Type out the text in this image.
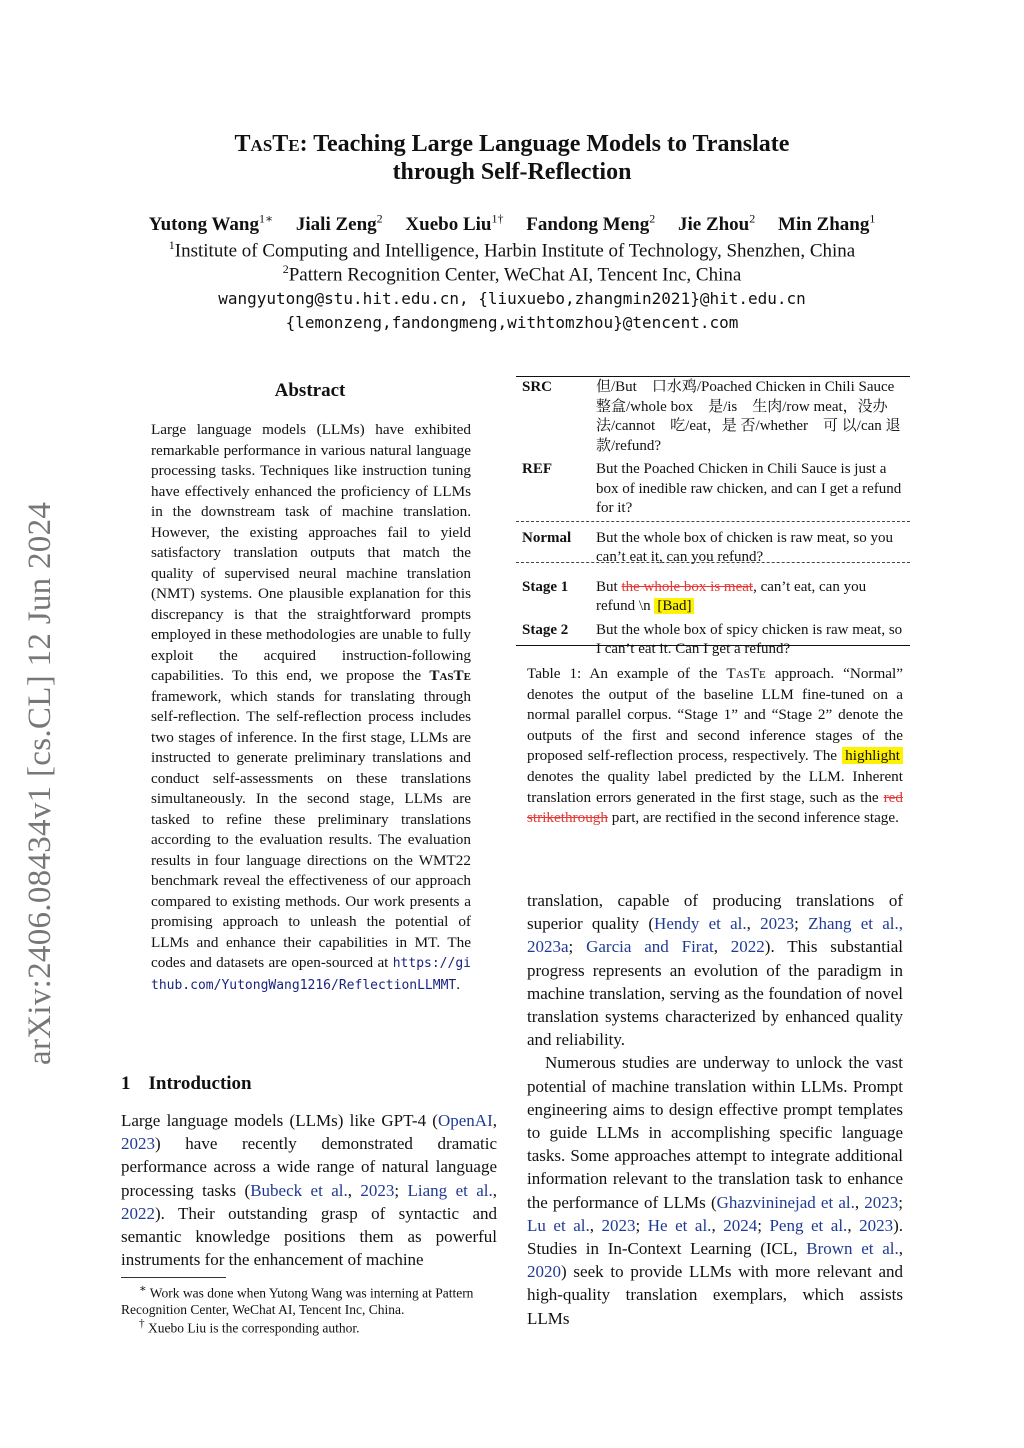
arXiv:2406.08434v1 [cs.CL] 12 Jun 2024
TasTe: Teaching Large Language Models to Translate
through Self-Reflection
Yutong Wang$^{1∗}$ Jiali Zeng$^2$ Xuebo Liu$^{1\dagger}$ Fandong Meng$^2$ Jie Zhou$^2$ Min Zhang$^1$
$^1$Institute of Computing and Intelligence, Harbin Institute of Technology, Shenzhen, China
$^2$Pattern Recognition Center, WeChat AI, Tencent Inc, China
wangyutong@stu.hit.edu.cn, {liuxuebo,zhangmin2021}@hit.edu.cn
{lemonzeng,fandongmeng,withtomzhou}@tencent.com
Abstract
Large language models (LLMs) have exhibited remarkable performance in various natural language processing tasks. Techniques like instruction tuning have effectively enhanced the proficiency of LLMs in the downstream task of machine translation. However, the existing approaches fail to yield satisfactory translation outputs that match the quality of supervised neural machine translation (NMT) systems. One plausible explanation for this discrepancy is that the straightforward prompts employed in these methodologies are unable to fully exploit the acquired instruction-following capabilities. To this end, we propose the TasTe framework, which stands for translating through self-reflection. The self-reflection process includes two stages of inference. In the first stage, LLMs are instructed to generate preliminary translations and conduct self-assessments on these translations simultaneously. In the second stage, LLMs are tasked to refine these preliminary translations according to the evaluation results. The evaluation results in four language directions on the WMT22 benchmark reveal the effectiveness of our approach compared to existing methods. Our work presents a promising approach to unleash the potential of LLMs and enhance their capabilities in MT. The codes and datasets are open-sourced at https://github.com/YutongWang1216/ReflectionLLMMT.
1 Introduction
Large language models (LLMs) like GPT-4 (OpenAI, 2023) have recently demonstrated dramatic performance across a wide range of natural language processing tasks (Bubeck et al., 2023; Liang et al., 2022). Their outstanding grasp of syntactic and semantic knowledge positions them as powerful instruments for the enhancement of machine
∗ Work was done when Yutong Wang was interning at Pattern Recognition Center, WeChat AI, Tencent Inc, China.
† Xuebo Liu is the corresponding author.
SRC	但/But　口水鸡/Poached Chicken in Chili Sauce 整盒/whole box　是/is　生肉/row meat，没办法/cannot　吃/eat，是 否/whether　可 以/can 退款/refund?
REF	But the Poached Chicken in Chili Sauce is just a box of inedible raw chicken, and can I get a refund for it?
Normal	But the whole box of chicken is raw meat, so you can’t eat it, can you refund?
Stage 1	But the whole box is meat, can’t eat, can you refund \n [Bad]
Stage 2	But the whole box of spicy chicken is raw meat, so I can’t eat it. Can I get a refund?
Table 1: An example of the TasTe approach. “Normal” denotes the output of the baseline LLM fine-tuned on a normal parallel corpus. “Stage 1” and “Stage 2” denote the outputs of the first and second inference stages of the proposed self-reflection process, respectively. The highlight denotes the quality label predicted by the LLM. Inherent translation errors generated in the first stage, such as the red strikethrough part, are rectified in the second inference stage.
translation, capable of producing translations of superior quality (Hendy et al., 2023; Zhang et al., 2023a; Garcia and Firat, 2022). This substantial progress represents an evolution of the paradigm in machine translation, serving as the foundation of novel translation systems characterized by enhanced quality and reliability.
Numerous studies are underway to unlock the vast potential of machine translation within LLMs. Prompt engineering aims to design effective prompt templates to guide LLMs in accomplishing specific language tasks. Some approaches attempt to integrate additional information relevant to the translation task to enhance the performance of LLMs (Ghazvininejad et al., 2023; Lu et al., 2023; He et al., 2024; Peng et al., 2023). Studies in In-Context Learning (ICL, Brown et al., 2020) seek to provide LLMs with more relevant and high-quality translation exemplars, which assists LLMs
